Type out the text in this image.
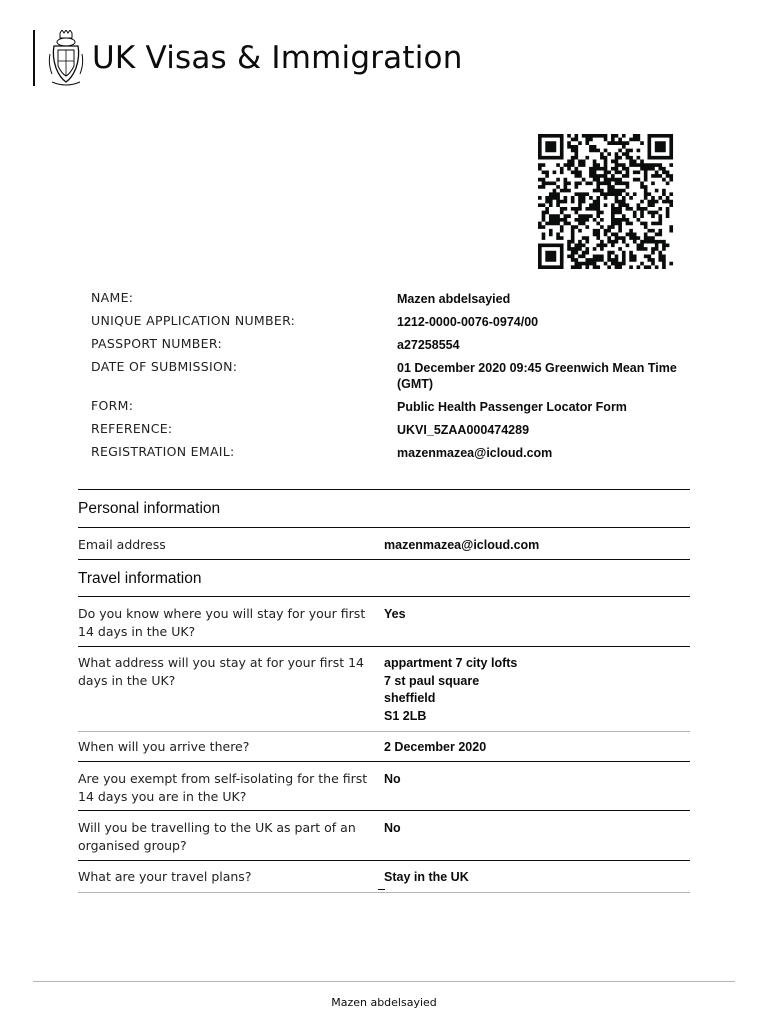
UK Visas & Immigration
NAME:	Mazen abdelsayied
UNIQUE APPLICATION NUMBER:	1212-0000-0076-0974/00
PASSPORT NUMBER:	a27258554
DATE OF SUBMISSION:	01 December 2020 09:45 Greenwich Mean Time (GMT)
FORM:	Public Health Passenger Locator Form
REFERENCE:	UKVI_5ZAA000474289
REGISTRATION EMAIL:	mazenmazea@icloud.com
Personal information
Email address	mazenmazea@icloud.com
Travel information
Do you know where you will stay for your first 14 days in the UK?
Yes
What address will you stay at for your first 14 days in the UK?
appartment 7 city lofts
7 st paul square
sheffield
S1 2LB
When will you arrive there?	2 December 2020
Are you exempt from self-isolating for the first 14 days you are in the UK?
No
Will you be travelling to the UK as part of an organised group?
No
What are your travel plans?	Stay in the UK
Mazen abdelsayied
